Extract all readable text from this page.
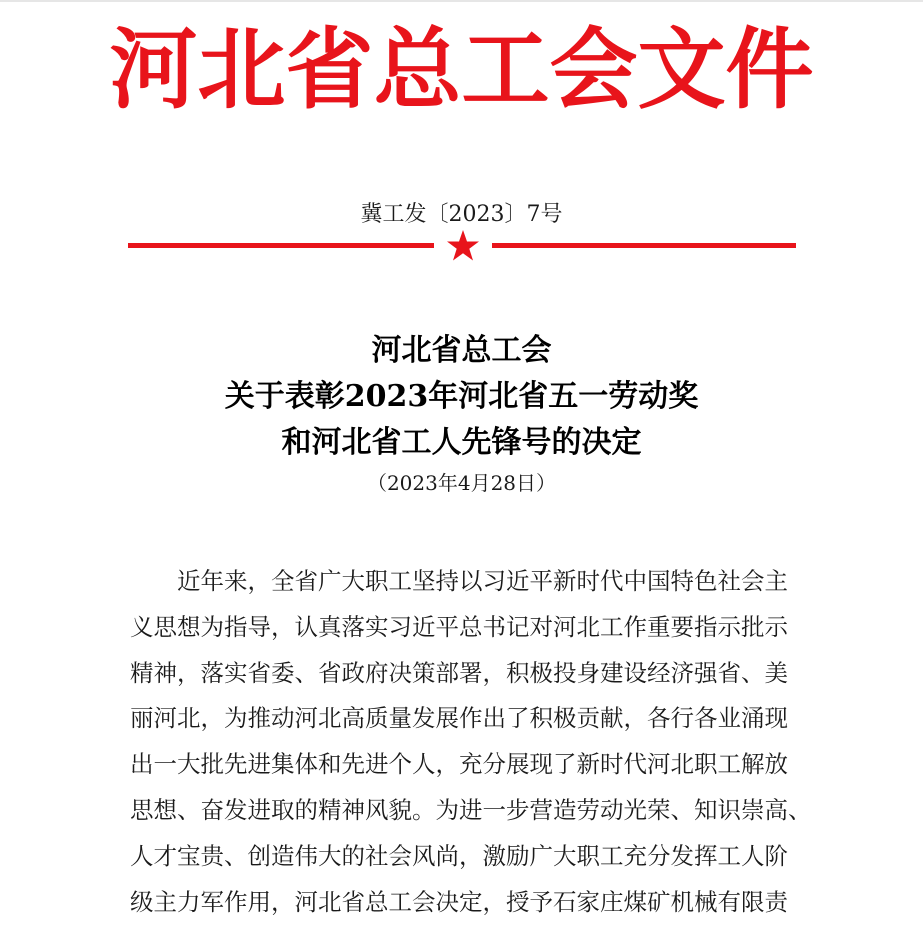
河北省总工会文件
冀工发〔2023〕7号
河北省总工会
关于表彰2023年河北省五一劳动奖
和河北省工人先锋号的决定
（2023年4月28日）
近年来，全省广大职工坚持以习近平新时代中国特色社会主
义思想为指导，认真落实习近平总书记对河北工作重要指示批示
精神，落实省委、省政府决策部署，积极投身建设经济强省、美
丽河北，为推动河北高质量发展作出了积极贡献，各行各业涌现
出一大批先进集体和先进个人，充分展现了新时代河北职工解放
思想、奋发进取的精神风貌。为进一步营造劳动光荣、知识崇高、
人才宝贵、创造伟大的社会风尚，激励广大职工充分发挥工人阶
级主力军作用，河北省总工会决定，授予石家庄煤矿机械有限责
